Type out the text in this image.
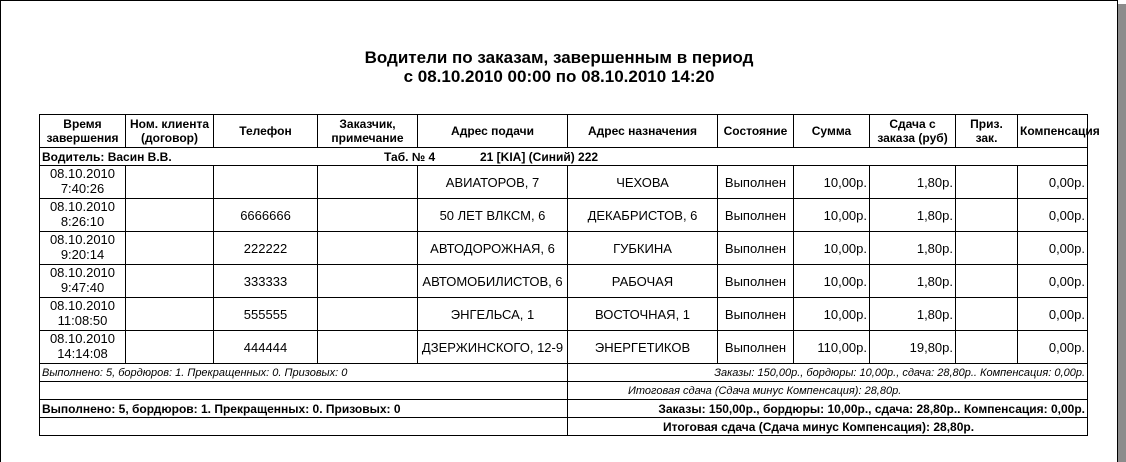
Водители по заказам, завершенным в период
с 08.10.2010 00:00 по 08.10.2010 14:20
Время завершения	Ном. клиента (договор)	Телефон	Заказчик, примечание	Адрес подачи	Адрес назначения	Состояние	Сумма	Сдача с заказа (руб)	Приз. зак.	Компенсация
Водитель: Васин В.В. Таб. № 4 21 [KIA] (Синий) 222										

08.10.2010
7:40:26				АВИАТОРОВ, 7	ЧЕХОВА	Выполнен	10,00р.	1,80р.		0,00р.

08.10.2010
8:26:10		6666666		50 ЛЕТ ВЛКСМ, 6	ДЕКАБРИСТОВ, 6	Выполнен	10,00р.	1,80р.		0,00р.

08.10.2010
9:20:14		222222		АВТОДОРОЖНАЯ, 6	ГУБКИНА	Выполнен	10,00р.	1,80р.		0,00р.

08.10.2010
9:47:40		333333		АВТОМОБИЛИСТОВ, 6	РАБОЧАЯ	Выполнен	10,00р.	1,80р.		0,00р.

08.10.2010
11:08:50		555555		ЭНГЕЛЬСА, 1	ВОСТОЧНАЯ, 1	Выполнен	10,00р.	1,80р.		0,00р.

08.10.2010
14:14:08		444444		ДЗЕРЖИНСКОГО, 12-9	ЭНЕРГЕТИКОВ	Выполнен	110,00р.	19,80р.		0,00р.
Выполнено: 5, бордюров: 1. Прекращенных: 0. Призовых: 0					Заказы: 150,00р., бордюры: 10,00р., сдача: 28,80р.. Компенсация: 0,00р.					
					Итоговая сдача (Сдача минус Компенсация): 28,80р.					
Выполнено: 5, бордюров: 1. Прекращенных: 0. Призовых: 0					Заказы: 150,00р., бордюры: 10,00р., сдача: 28,80р.. Компенсация: 0,00р.					
					Итоговая сдача (Сдача минус Компенсация): 28,80р.					
